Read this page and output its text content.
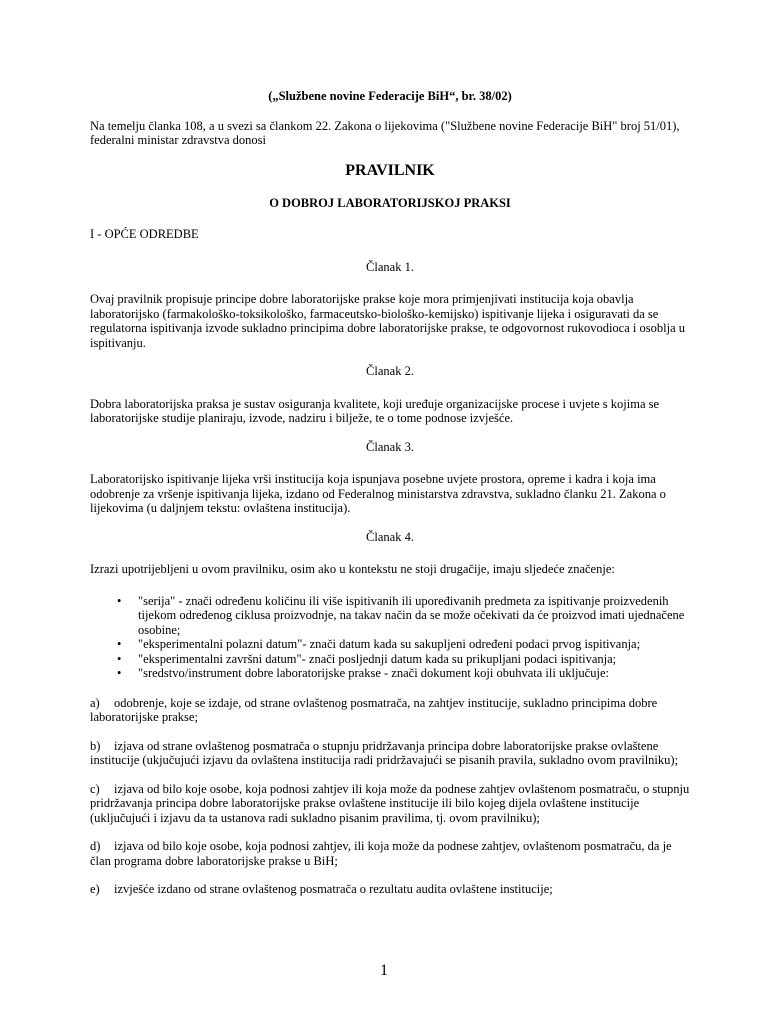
(„Službene novine Federacije BiH“, br. 38/02)
Na temelju članka 108, a u svezi sa člankom 22. Zakona o lijekovima ("Službene novine Federacije BiH" broj 51/01), federalni ministar zdravstva donosi
PRAVILNIK
O DOBROJ LABORATORIJSKOJ PRAKSI
I - OPĆE ODREDBE
Članak 1.
Ovaj pravilnik propisuje principe dobre laboratorijske prakse koje mora primjenjivati institucija koja obavlja laboratorijsko (farmakološko-toksikološko, farmaceutsko-biološko-kemijsko) ispitivanje lijeka i osiguravati da se regulatorna ispitivanja izvode sukladno principima dobre laboratorijske prakse, te odgovornost rukovodioca i osoblja u ispitivanju.
Članak 2.
Dobra laboratorijska praksa je sustav osiguranja kvalitete, koji uređuje organizacijske procese i uvjete s kojima se laboratorijske studije planiraju, izvode, nadziru i bilježe, te o tome podnose izvješće.
Članak 3.
Laboratorijsko ispitivanje lijeka vrši institucija koja ispunjava posebne uvjete prostora, opreme i kadra i koja ima odobrenje za vršenje ispitivanja lijeka, izdano od Federalnog ministarstva zdravstva, sukladno članku 21. Zakona o lijekovima (u daljnjem tekstu: ovlaštena institucija).
Članak 4.
Izrazi upotrijebljeni u ovom pravilniku, osim ako u kontekstu ne stoji drugačije, imaju sljedeće značenje:
• "serija" - znači određenu količinu ili više ispitivanih ili upoređivanih predmeta za ispitivanje proizvedenih tijekom određenog ciklusa proizvodnje, na takav način da se može očekivati da će proizvod imati ujednačene osobine;
• "eksperimentalni polazni datum"- znači datum kada su sakupljeni određeni podaci prvog ispitivanja;
• "eksperimentalni završni datum"- znači posljednji datum kada su prikupljani podaci ispitivanja;
• "sredstvo/instrument dobre laboratorijske prakse - znači dokument koji obuhvata ili uključuje:
a) odobrenje, koje se izdaje, od strane ovlaštenog posmatrača, na zahtjev institucije, sukladno principima dobre laboratorijske prakse;
b) izjava od strane ovlaštenog posmatrača o stupnju pridržavanja principa dobre laboratorijske prakse ovlaštene institucije (ukjučujući izjavu da ovlaštena institucija radi pridržavajući se pisanih pravila, sukladno ovom pravilniku);
c) izjava od bilo koje osobe, koja podnosi zahtjev ili koja može da podnese zahtjev ovlaštenom posmatraču, o stupnju pridržavanja principa dobre laboratorijske prakse ovlaštene institucije ili bilo kojeg dijela ovlaštene institucije (uključujući i izjavu da ta ustanova radi sukladno pisanim pravilima, tj. ovom pravilniku);
d) izjava od bilo koje osobe, koja podnosi zahtjev, ili koja može da podnese zahtjev, ovlaštenom posmatraču, da je član programa dobre laboratorijske prakse u BiH;
e) izvješće izdano od strane ovlaštenog posmatrača o rezultatu audita ovlaštene institucije;
1
